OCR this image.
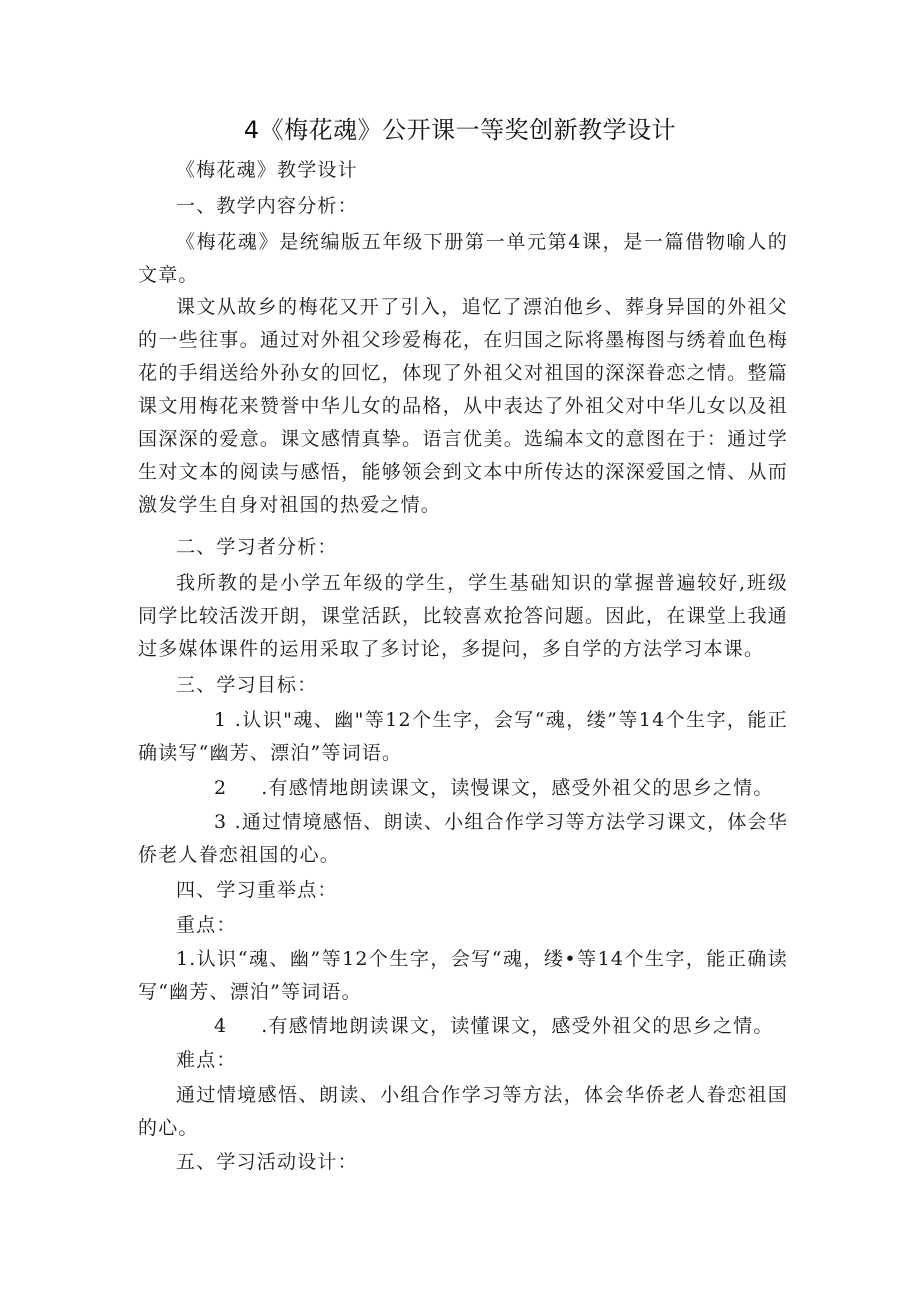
4《梅花魂》公开课一等奖创新教学设计

《梅花魂》教学设计

一、教学内容分析：

《梅花魂》是统编版五年级下册第一单元第4课，是一篇借物喻人的文章。

课文从故乡的梅花又开了引入，追忆了漂泊他乡、葬身异国的外祖父的一些往事。通过对外祖父珍爱梅花，在归国之际将墨梅图与绣着血色梅花的手绢送给外孙女的回忆，体现了外祖父对祖国的深深眷恋之情。整篇课文用梅花来赞誉中华儿女的品格，从中表达了外祖父对中华儿女以及祖国深深的爱意。课文感情真挚。语言优美。选编本文的意图在于：通过学生对文本的阅读与感悟，能够领会到文本中所传达的深深爱国之情、从而激发学生自身对祖国的热爱之情。

二、学习者分析：

我所教的是小学五年级的学生，学生基础知识的掌握普遍较好,班级同学比较活泼开朗，课堂活跃，比较喜欢抢答问题。因此，在课堂上我通过多媒体课件的运用采取了多讨论，多提问，多自学的方法学习本课。

三、学习目标：

1 .认识"魂、幽"等12个生字，会写“魂，缕”等14个生字，能正确读写“幽芳、漂泊”等词语。

2 .有感情地朗读课文，读慢课文，感受外祖父的思乡之情。

3 .通过情境感悟、朗读、小组合作学习等方法学习课文，体会华侨老人眷恋祖国的心。

四、学习重举点：

重点：

1.认识“魂、幽”等12个生字，会写“魂，缕•等14个生字，能正确读写“幽芳、漂泊”等词语。

4 .有感情地朗读课文，读懂课文，感受外祖父的思乡之情。

难点：

通过情境感悟、朗读、小组合作学习等方法，体会华侨老人眷恋祖国的心。

五、学习活动设计：
